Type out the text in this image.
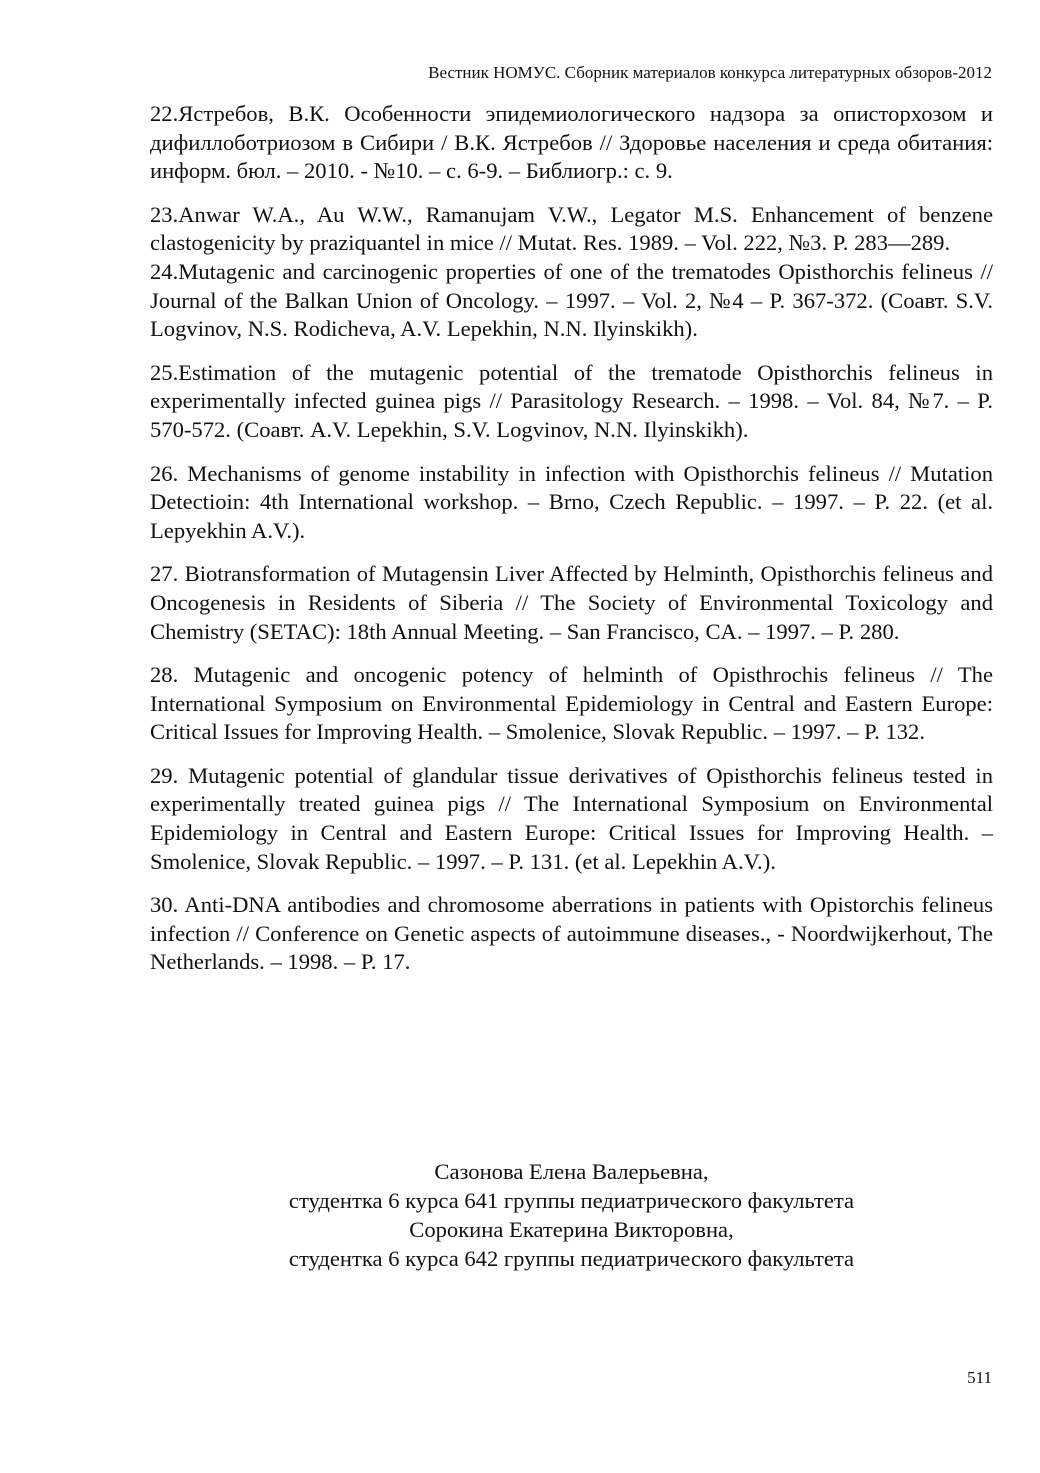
Вестник НОМУС. Сборник материалов конкурса литературных обзоров-2012

22.Ястребов, В.К. Особенности эпидемиологического надзора за описторхозом и дифиллоботриозом в Сибири / В.К. Ястребов // Здоровье населения и среда обитания: информ. бюл. – 2010. - №10. – с. 6-9. – Библиогр.: с. 9.

23.Anwar W.A., Au W.W., Ramanujam V.W., Legator M.S. Enhancement of benzene clastogenicity by praziquantel in mice // Mutat. Res. 1989. – Vol. 222, №3. P. 283—289.

24.Mutagenic and carcinogenic properties of one of the trematodes Opisthorchis felineus // Journal of the Balkan Union of Oncology. – 1997. – Vol. 2, №4 – P. 367-372. (Соавт. S.V. Logvinov, N.S. Rodicheva, A.V. Lepekhin, N.N. Ilyinskikh).

25.Estimation of the mutagenic potential of the trematode Opisthorchis felineus in experimentally infected guinea pigs // Parasitology Research. – 1998. – Vol. 84, №7. – P. 570-572. (Соавт. A.V. Lepekhin, S.V. Logvinov, N.N. Ilyinskikh).

26. Mechanisms of genome instability in infection with Opisthorchis felineus // Mutation Detectioin: 4th International workshop. – Brno, Czech Republic. – 1997. – P. 22. (et al. Lepyekhin A.V.).

27. Biotransformation of Mutagensin Liver Affected by Helminth, Opisthorchis felineus and Oncogenesis in Residents of Siberia // The Society of Environmental Toxicology and Chemistry (SETAC): 18th Annual Meeting. – San Francisco, CA. – 1997. – P. 280.

28. Mutagenic and oncogenic potency of helminth of Opisthrochis felineus // The International Symposium on Environmental Epidemiology in Central and Eastern Europe: Critical Issues for Improving Health. – Smolenice, Slovak Republic. – 1997. – P. 132.

29. Mutagenic potential of glandular tissue derivatives of Opisthorchis felineus tested in experimentally treated guinea pigs // The International Symposium on Environmental Epidemiology in Central and Eastern Europe: Critical Issues for Improving Health. – Smolenice, Slovak Republic. – 1997. – P. 131. (et al. Lepekhin A.V.).

30. Anti-DNA antibodies and chromosome aberrations in patients with Opistorchis felineus infection // Conference on Genetic aspects of autoimmune diseases., - Noordwijkerhout, The Netherlands. – 1998. – P. 17.

Сазонова Елена Валерьевна,
студентка 6 курса 641 группы педиатрического факультета
Сорокина Екатерина Викторовна,
студентка 6 курса 642 группы педиатрического факультета
511
